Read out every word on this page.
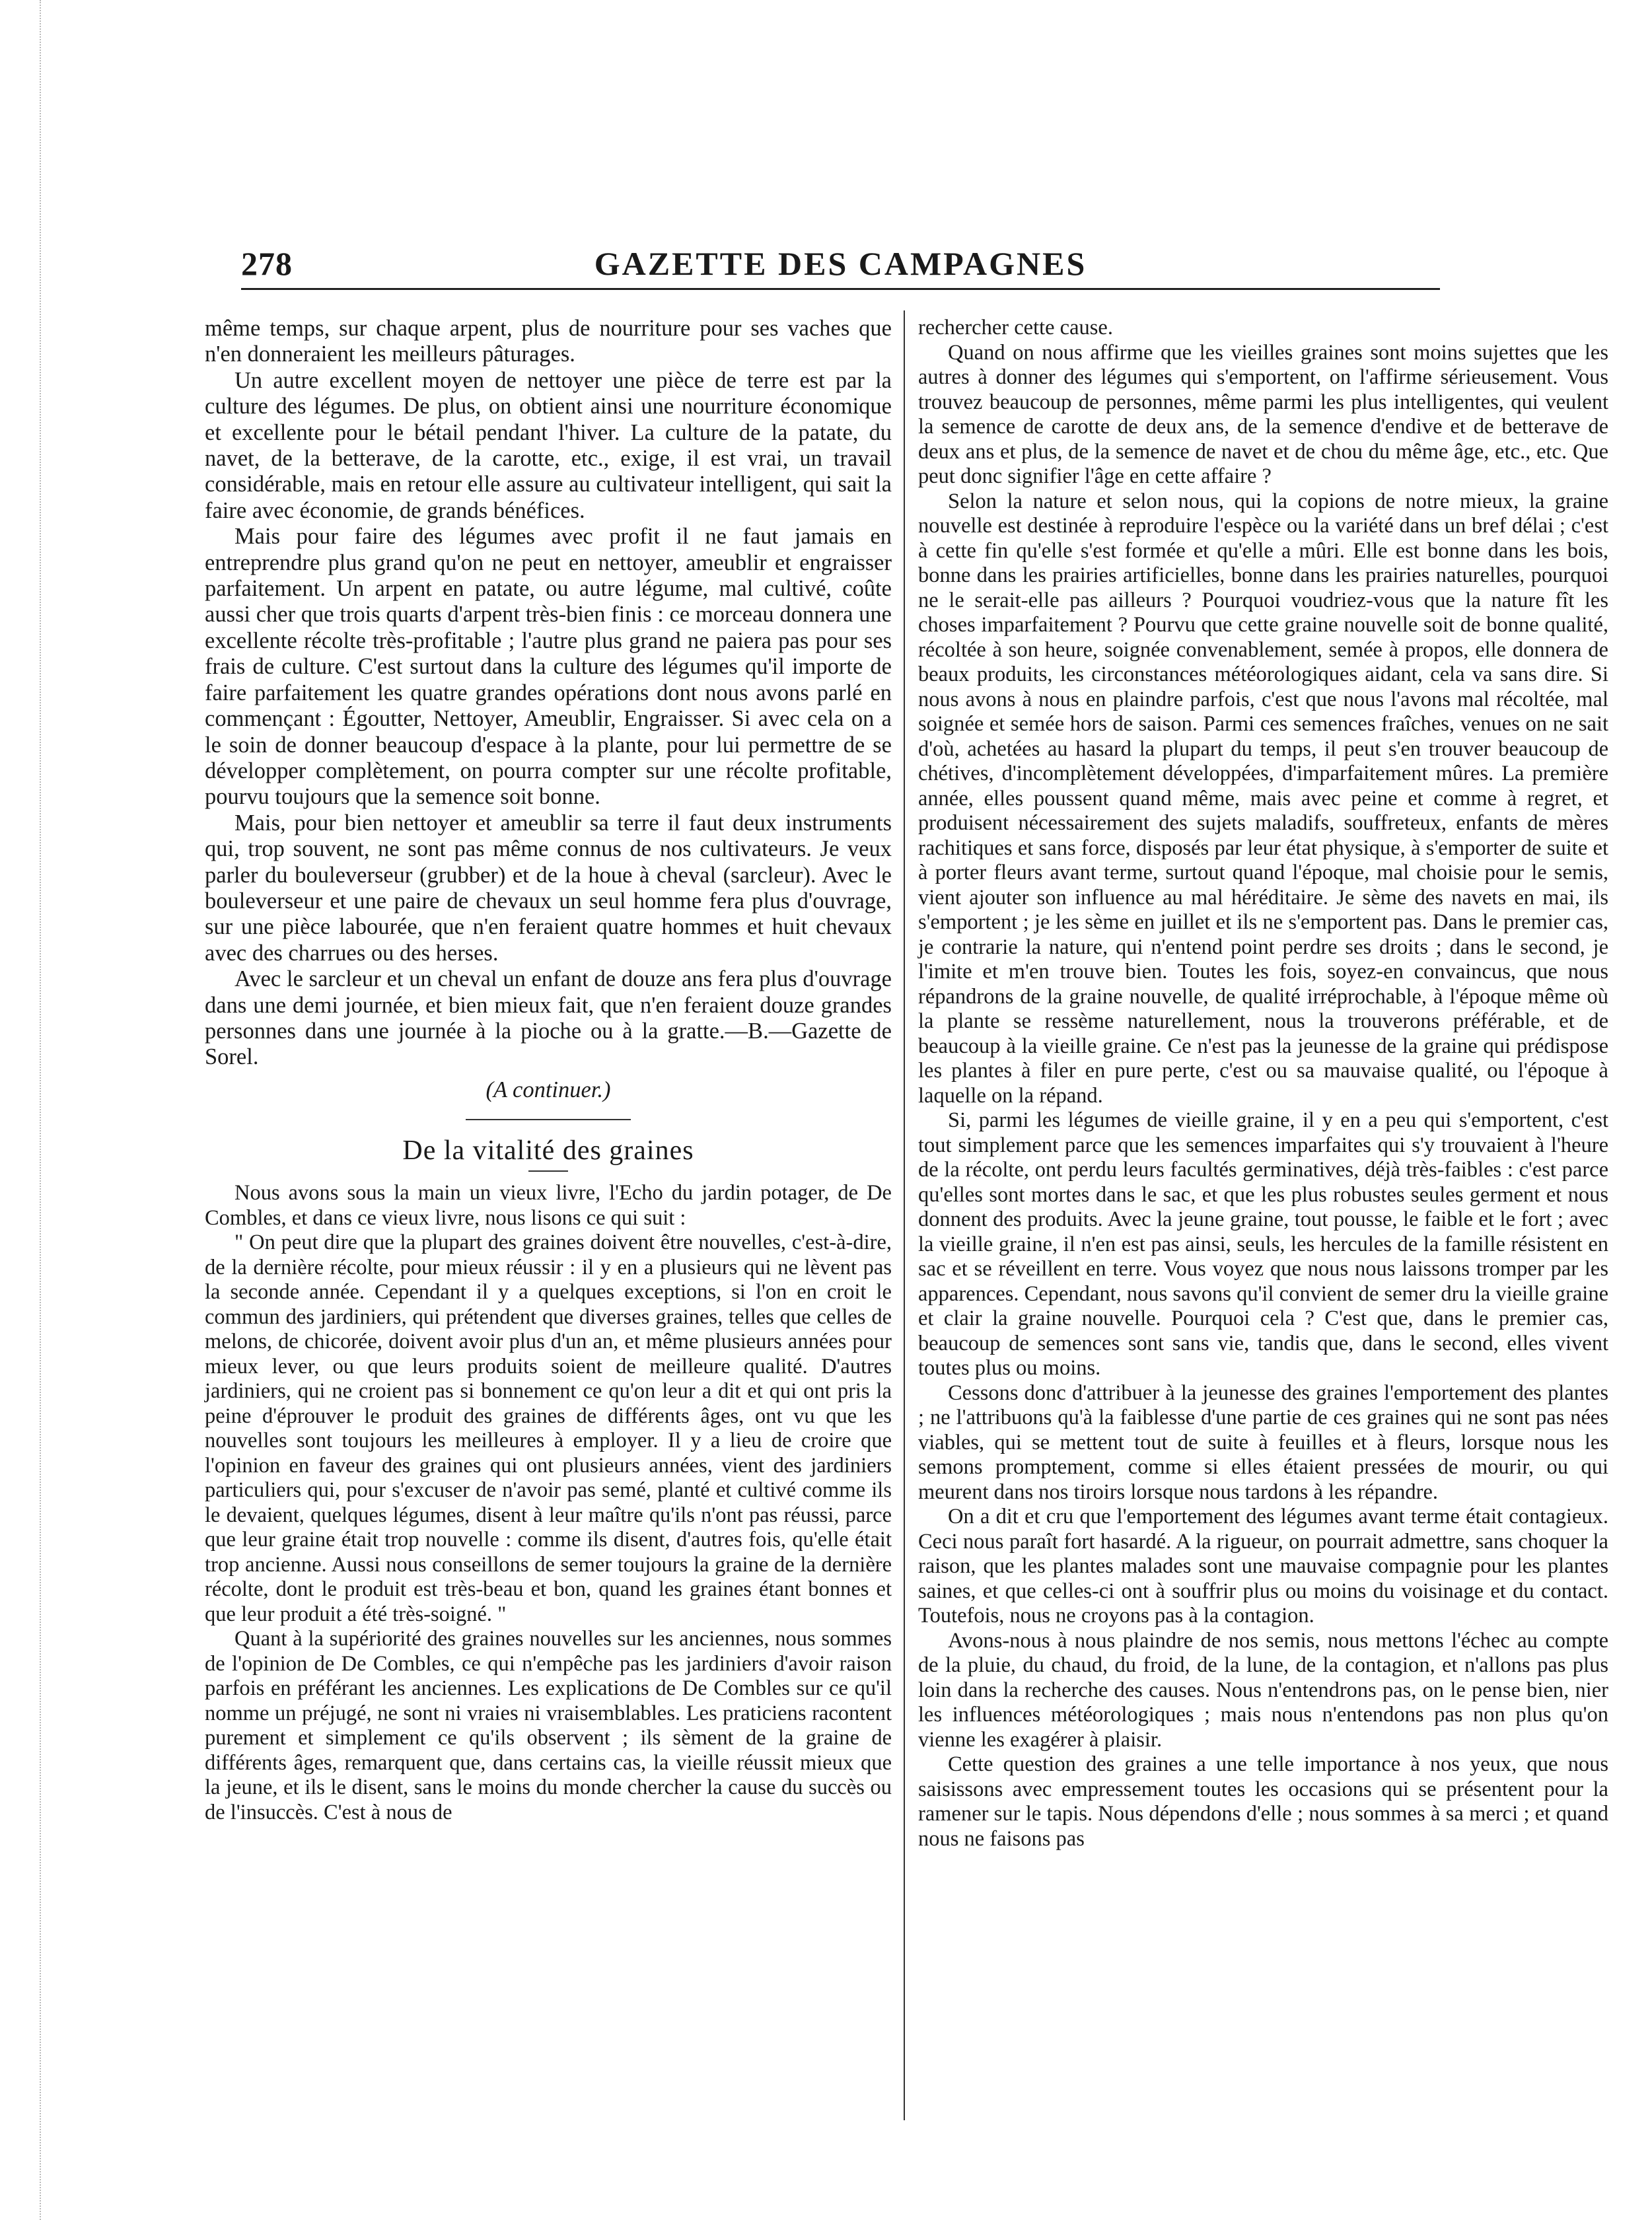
278	GAZETTE DES CAMPAGNES

même temps, sur chaque arpent, plus de nourriture pour ses vaches que n'en donneraient les meilleurs pâturages.

Un autre excellent moyen de nettoyer une pièce de terre est par la culture des légumes. De plus, on obtient ainsi une nourriture économique et excellente pour le bétail pendant l'hiver. La culture de la patate, du navet, de la betterave, de la carotte, etc., exige, il est vrai, un travail considérable, mais en retour elle assure au cultivateur intelligent, qui sait la faire avec économie, de grands bénéfices.

Mais pour faire des légumes avec profit il ne faut jamais en entreprendre plus grand qu'on ne peut en nettoyer, ameublir et engraisser parfaitement. Un arpent en patate, ou autre légume, mal cultivé, coûte aussi cher que trois quarts d'arpent très-bien finis : ce morceau donnera une excellente récolte très-profitable ; l'autre plus grand ne paiera pas pour ses frais de culture. C'est surtout dans la culture des légumes qu'il importe de faire parfaitement les quatre grandes opérations dont nous avons parlé en commençant : Égoutter, Nettoyer, Ameublir, Engraisser. Si avec cela on a le soin de donner beaucoup d'espace à la plante, pour lui permettre de se développer complètement, on pourra compter sur une récolte profitable, pourvu toujours que la semence soit bonne.

Mais, pour bien nettoyer et ameublir sa terre il faut deux instruments qui, trop souvent, ne sont pas même connus de nos cultivateurs. Je veux parler du bouleverseur (grubber) et de la houe à cheval (sarcleur). Avec le bouleverseur et une paire de chevaux un seul homme fera plus d'ouvrage, sur une pièce labourée, que n'en feraient quatre hommes et huit chevaux avec des charrues ou des herses.

Avec le sarcleur et un cheval un enfant de douze ans fera plus d'ouvrage dans une demi journée, et bien mieux fait, que n'en feraient douze grandes personnes dans une journée à la pioche ou à la gratte.—B.—Gazette de Sorel.

(A continuer.)

De la vitalité des graines

Nous avons sous la main un vieux livre, l'Echo du jardin potager, de De Combles, et dans ce vieux livre, nous lisons ce qui suit :

" On peut dire que la plupart des graines doivent être nouvelles, c'est-à-dire, de la dernière récolte, pour mieux réussir : il y en a plusieurs qui ne lèvent pas la seconde année. Cependant il y a quelques exceptions, si l'on en croit le commun des jardiniers, qui prétendent que diverses graines, telles que celles de melons, de chicorée, doivent avoir plus d'un an, et même plusieurs années pour mieux lever, ou que leurs produits soient de meilleure qualité. D'autres jardiniers, qui ne croient pas si bonnement ce qu'on leur a dit et qui ont pris la peine d'éprouver le produit des graines de différents âges, ont vu que les nouvelles sont toujours les meilleures à employer. Il y a lieu de croire que l'opinion en faveur des graines qui ont plusieurs années, vient des jardiniers particuliers qui, pour s'excuser de n'avoir pas semé, planté et cultivé comme ils le devaient, quelques légumes, disent à leur maître qu'ils n'ont pas réussi, parce que leur graine était trop nouvelle : comme ils disent, d'autres fois, qu'elle était trop ancienne. Aussi nous conseillons de semer toujours la graine de la dernière récolte, dont le produit est très-beau et bon, quand les graines étant bonnes et que leur produit a été très-soigné. "

Quant à la supériorité des graines nouvelles sur les anciennes, nous sommes de l'opinion de De Combles, ce qui n'empêche pas les jardiniers d'avoir raison parfois en préférant les anciennes. Les explications de De Combles sur ce qu'il nomme un préjugé, ne sont ni vraies ni vraisemblables. Les praticiens racontent purement et simplement ce qu'ils observent ; ils sèment de la graine de différents âges, remarquent que, dans certains cas, la vieille réussit mieux que la jeune, et ils le disent, sans le moins du monde chercher la cause du succès ou de l'insuccès. C'est à nous de

rechercher cette cause.

Quand on nous affirme que les vieilles graines sont moins sujettes que les autres à donner des légumes qui s'emportent, on l'affirme sérieusement. Vous trouvez beaucoup de personnes, même parmi les plus intelligentes, qui veulent la semence de carotte de deux ans, de la semence d'endive et de betterave de deux ans et plus, de la semence de navet et de chou du même âge, etc., etc. Que peut donc signifier l'âge en cette affaire ?

Selon la nature et selon nous, qui la copions de notre mieux, la graine nouvelle est destinée à reproduire l'espèce ou la variété dans un bref délai ; c'est à cette fin qu'elle s'est formée et qu'elle a mûri. Elle est bonne dans les bois, bonne dans les prairies artificielles, bonne dans les prairies naturelles, pourquoi ne le serait-elle pas ailleurs ? Pourquoi voudriez-vous que la nature fît les choses imparfaitement ? Pourvu que cette graine nouvelle soit de bonne qualité, récoltée à son heure, soignée convenablement, semée à propos, elle donnera de beaux produits, les circonstances météorologiques aidant, cela va sans dire. Si nous avons à nous en plaindre parfois, c'est que nous l'avons mal récoltée, mal soignée et semée hors de saison. Parmi ces semences fraîches, venues on ne sait d'où, achetées au hasard la plupart du temps, il peut s'en trouver beaucoup de chétives, d'incomplètement développées, d'imparfaitement mûres. La première année, elles poussent quand même, mais avec peine et comme à regret, et produisent nécessairement des sujets maladifs, souffreteux, enfants de mères rachitiques et sans force, disposés par leur état physique, à s'emporter de suite et à porter fleurs avant terme, surtout quand l'époque, mal choisie pour le semis, vient ajouter son influence au mal héréditaire. Je sème des navets en mai, ils s'emportent ; je les sème en juillet et ils ne s'emportent pas. Dans le premier cas, je contrarie la nature, qui n'entend point perdre ses droits ; dans le second, je l'imite et m'en trouve bien. Toutes les fois, soyez-en convaincus, que nous répandrons de la graine nouvelle, de qualité irréprochable, à l'époque même où la plante se ressème naturellement, nous la trouverons préférable, et de beaucoup à la vieille graine. Ce n'est pas la jeunesse de la graine qui prédispose les plantes à filer en pure perte, c'est ou sa mauvaise qualité, ou l'époque à laquelle on la répand.

Si, parmi les légumes de vieille graine, il y en a peu qui s'emportent, c'est tout simplement parce que les semences imparfaites qui s'y trouvaient à l'heure de la récolte, ont perdu leurs facultés germinatives, déjà très-faibles : c'est parce qu'elles sont mortes dans le sac, et que les plus robustes seules germent et nous donnent des produits. Avec la jeune graine, tout pousse, le faible et le fort ; avec la vieille graine, il n'en est pas ainsi, seuls, les hercules de la famille résistent en sac et se réveillent en terre. Vous voyez que nous nous laissons tromper par les apparences. Cependant, nous savons qu'il convient de semer dru la vieille graine et clair la graine nouvelle. Pourquoi cela ? C'est que, dans le premier cas, beaucoup de semences sont sans vie, tandis que, dans le second, elles vivent toutes plus ou moins.

Cessons donc d'attribuer à la jeunesse des graines l'emportement des plantes ; ne l'attribuons qu'à la faiblesse d'une partie de ces graines qui ne sont pas nées viables, qui se mettent tout de suite à feuilles et à fleurs, lorsque nous les semons promptement, comme si elles étaient pressées de mourir, ou qui meurent dans nos tiroirs lorsque nous tardons à les répandre.

On a dit et cru que l'emportement des légumes avant terme était contagieux. Ceci nous paraît fort hasardé. A la rigueur, on pourrait admettre, sans choquer la raison, que les plantes malades sont une mauvaise compagnie pour les plantes saines, et que celles-ci ont à souffrir plus ou moins du voisinage et du contact. Toutefois, nous ne croyons pas à la contagion.

Avons-nous à nous plaindre de nos semis, nous mettons l'échec au compte de la pluie, du chaud, du froid, de la lune, de la contagion, et n'allons pas plus loin dans la recherche des causes. Nous n'entendrons pas, on le pense bien, nier les influences météorologiques ; mais nous n'entendons pas non plus qu'on vienne les exagérer à plaisir.

Cette question des graines a une telle importance à nos yeux, que nous saisissons avec empressement toutes les occasions qui se présentent pour la ramener sur le tapis. Nous dépendons d'elle ; nous sommes à sa merci ; et quand nous ne faisons pas
